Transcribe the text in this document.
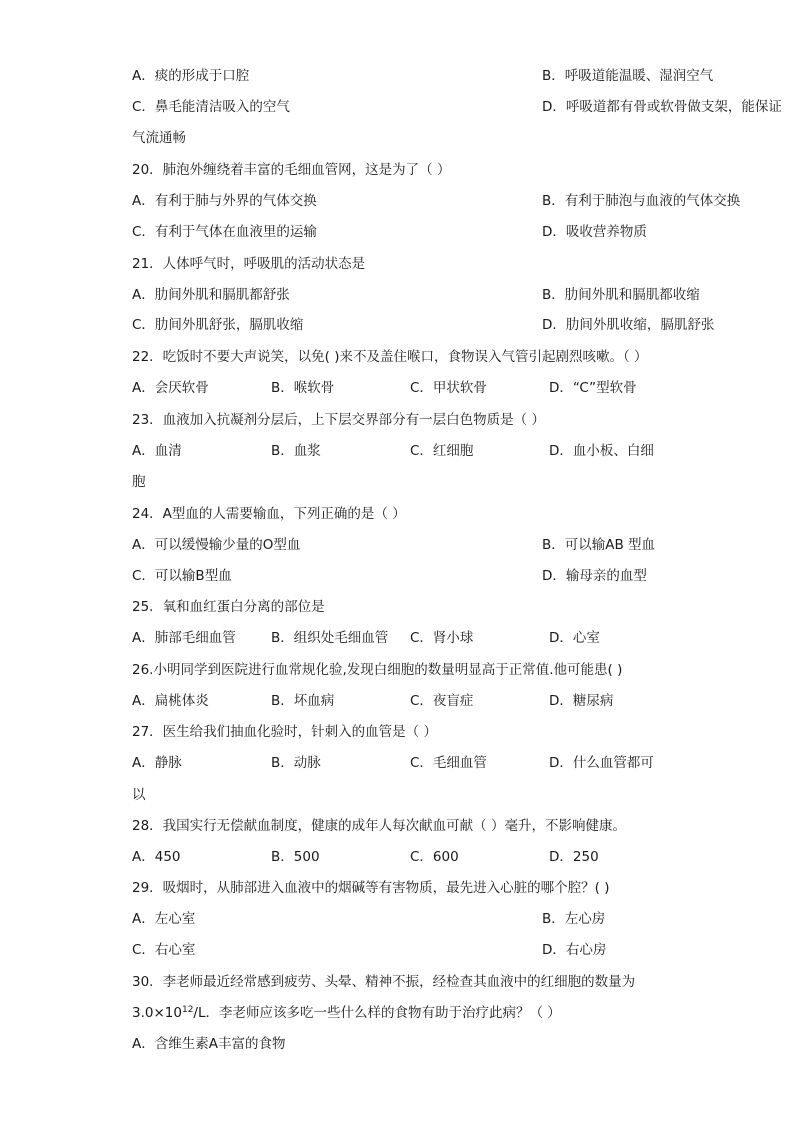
A．痰的形成于口腔	B．呼吸道能温暖、湿润空气
C．鼻毛能清洁吸入的空气	D．呼吸道都有骨或软骨做支架，能保证
气流通畅
20．肺泡外缠绕着丰富的毛细血管网，这是为了（ ）
A．有利于肺与外界的气体交换	B．有利于肺泡与血液的气体交换
C．有利于气体在血液里的运输	D．吸收营养物质
21．人体呼气时，呼吸肌的活动状态是
A．肋间外肌和膈肌都舒张	B．肋间外肌和膈肌都收缩
C．肋间外肌舒张，膈肌收缩	D．肋间外肌收缩，膈肌舒张
22．吃饭时不要大声说笑，以免( )来不及盖住喉口，食物误入气管引起剧烈咳嗽。（ ）
A．会厌软骨	B．喉软骨	C．甲状软骨	D．“C”型软骨
23．血液加入抗凝剂分层后，上下层交界部分有一层白色物质是（ ）
A．血清	B．血浆	C．红细胞	D．血小板、白细
胞
24．A型血的人需要输血，下列正确的是（ ）
A．可以缓慢输少量的O型血	B．可以输AB 型血
C．可以输B型血	D．输母亲的血型
25．氧和血红蛋白分离的部位是
A．肺部毛细血管	B．组织处毛细血管 C．肾小球	D．心室
26.小明同学到医院进行血常规化验,发现白细胞的数量明显高于正常值.他可能患( )
A．扁桃体炎	B．坏血病	C．夜盲症	D．糖尿病
27．医生给我们抽血化验时，针刺入的血管是（ ）
A．静脉	B．动脉	C．毛细血管	D．什么血管都可
以
28．我国实行无偿献血制度，健康的成年人每次献血可献（ ）毫升，不影响健康。
A．450	B．500	C．600	D．250
29．吸烟时，从肺部进入血液中的烟碱等有害物质，最先进入心脏的哪个腔？( )
A．左心室	B．左心房
C．右心室	D．右心房
30．李老师最近经常感到疲劳、头晕、精神不振，经检查其血液中的红细胞的数量为
$3.0\times 10^{12}/L$．李老师应该多吃一些什么样的食物有助于治疗此病？（ ）
A．含维生素A丰富的食物
